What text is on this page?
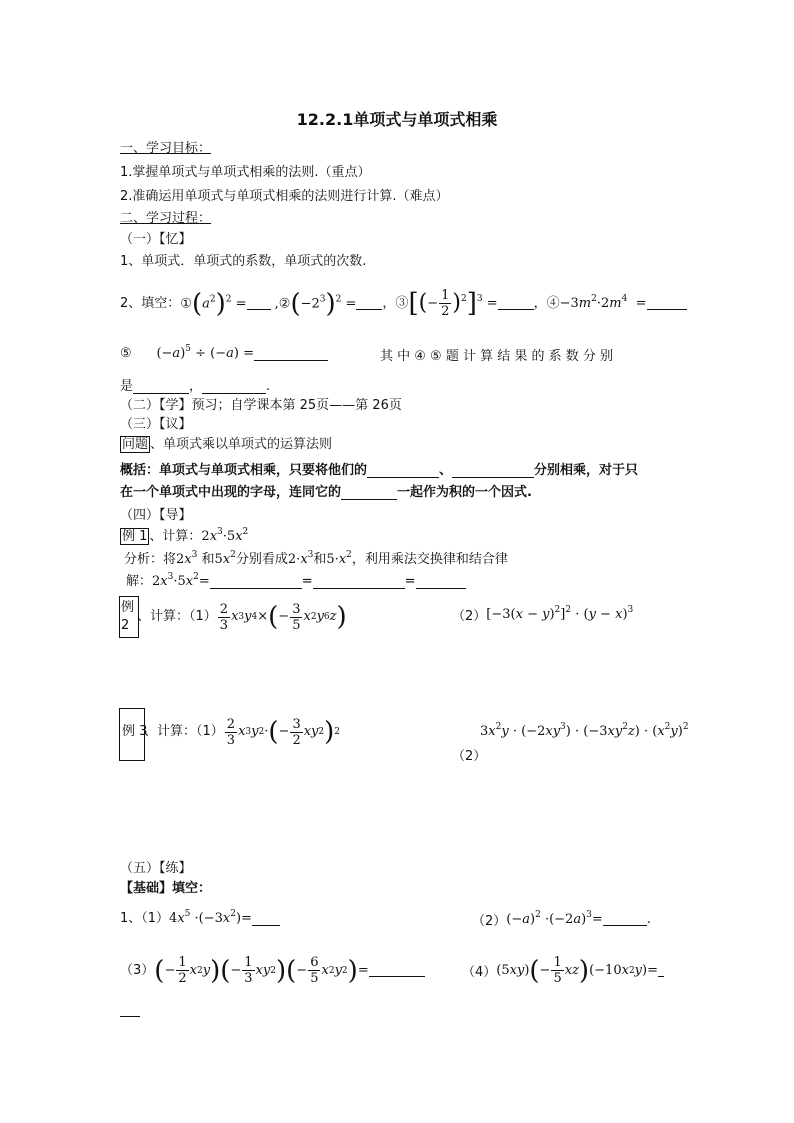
12.2.1单项式与单项式相乘
一、学习目标：
1.掌握单项式与单项式相乘的法则.（重点）
2.准确运用单项式与单项式相乘的法则进行计算.（难点）
二、学习过程：
（一）【忆】
1、单项式．单项式的系数，单项式的次数.
2、填空： $①(a^2)^2$ = $,②(-2^3)^2$ = ，③[(− $\frac{1}{2} )^2]^3$ =	，$④-3m^2\cdot 2m^4$ =
⑤      $(-a)^5 \div (-a)$ =	其 中 ④ ⑤ 题 计 算 结 果 的 系 数 分 别
是	，	.
（二）【学】预习；自学课本第 25页——第 26页
（三）【议】
问题 、单项式乘以单项式的运算法则
概括：单项式与单项式相乘，只要将他们的	、	分别相乘，对于只
在一个单项式中出现的字母，连同它的	一起作为积的一个因式.
（四）【导】
例 1 、计算：$2x^3\cdot 5x^2$
分析：将$2x^3$ 和$5x^2$分别看成$2\cdot x^3$和$5\cdot x^2$，利用乘法交换律和结合律
解： $2x^3\cdot 5x^2=$	=	=
例 2
、计算：$(1) \frac{2}{3}$ x 3 y 4 × ( − $\frac{3}{5}$ x 2 y 6 z )	（2） $[-3(x - y)^2]^2 \cdot (y - x)^3$
例 3
、计算：$(1) \frac{2}{3}$ x 3 y 2 · ( − $\frac{3}{2}$ xy 2 ) 2	$3x^2y \cdot (-2xy^3) \cdot (-3xy^2z) \cdot (x^2y)^2$
（2）
（五）【练】
【基础】填空：
1、（1） $4x^5 \cdot(-3x^2)=$	（2） $(-a)^2 \cdot(-2a)^3=$	.
（3） ( − $\frac{1}{2}$ x 2 y ) ( − $\frac{1}{3}$ xy 2 ) ( − $\frac{6}{5}$ x 2 y 2 ) =	（4） (5 xy ) ( − $\frac{1}{5}$ xz ) (−10 x 2 y )=
